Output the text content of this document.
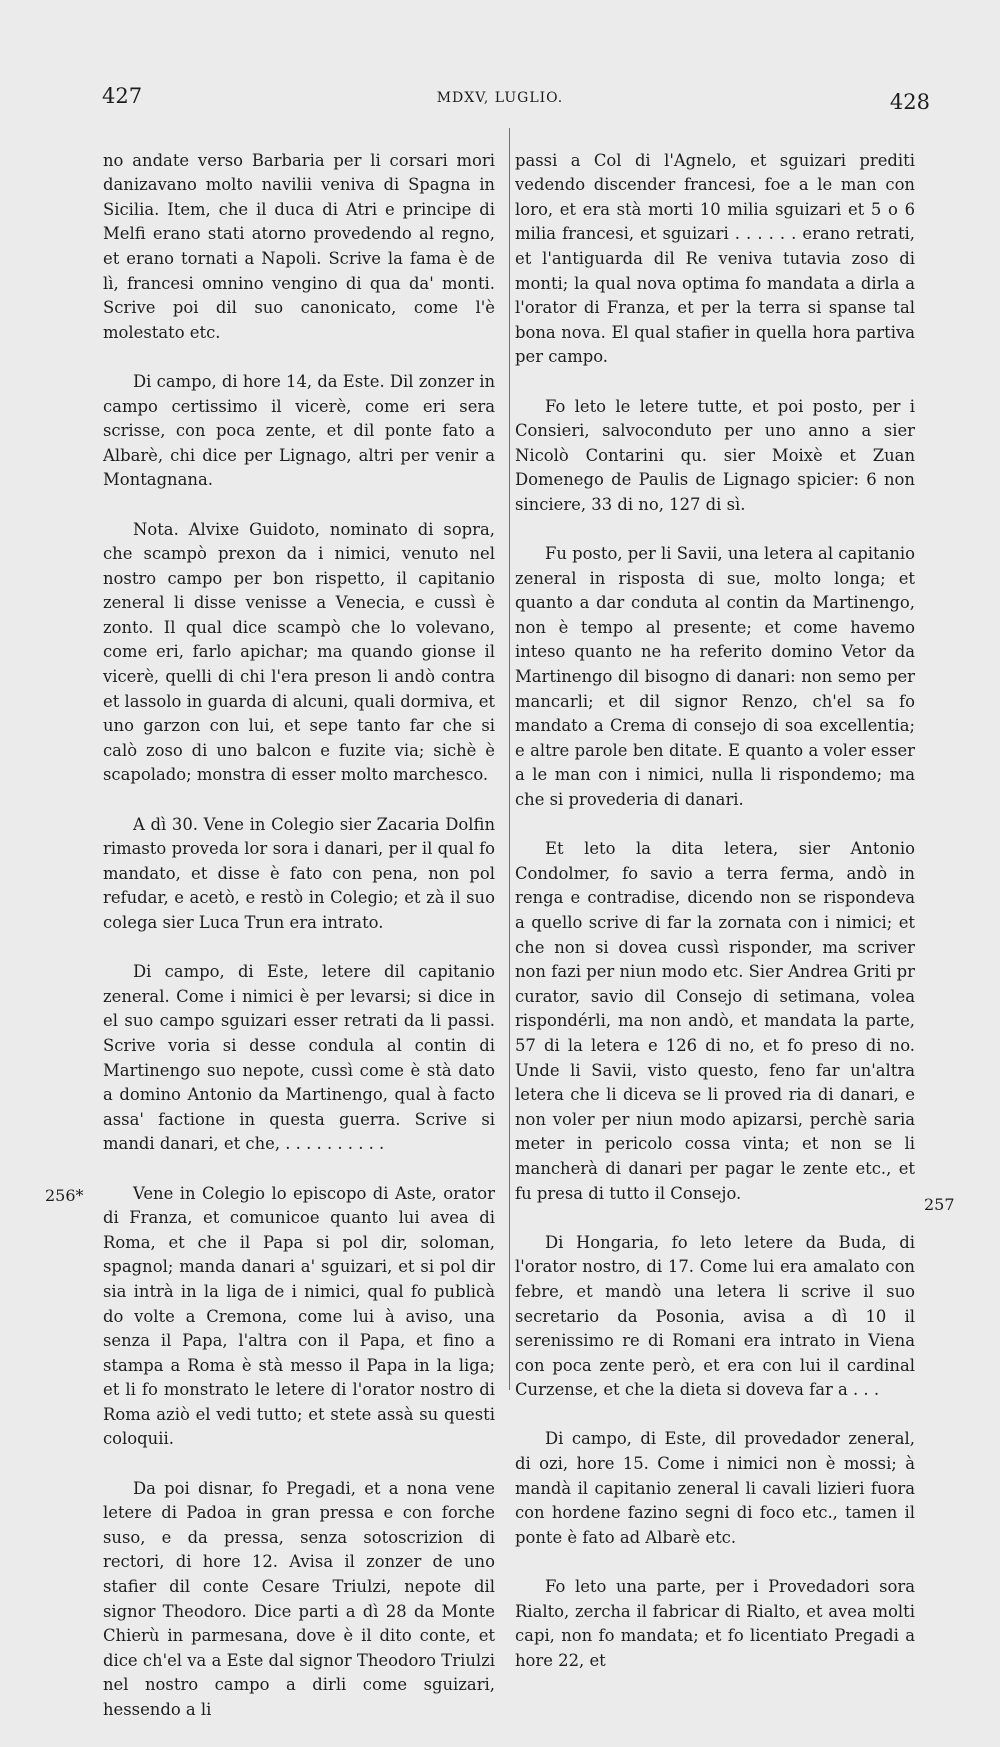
427	MDXV, LUGLIO.	428

no andate verso Barbaria per li corsari mori danizavano molto navilii veniva di Spagna in Sicilia. Item, che il duca di Atri e principe di Melfi erano stati atorno provedendo al regno, et erano tornati a Napoli. Scrive la fama è de lì, francesi omnino vengino di qua da' monti. Scrive poi dil suo canonicato, come l'è molestato etc.

Di campo, di hore 14, da Este. Dil zonzer in campo certissimo il vicerè, come eri sera scrisse, con poca zente, et dil ponte fato a Albarè, chi dice per Lignago, altri per venir a Montagnana.

Nota. Alvixe Guidoto, nominato di sopra, che scampò prexon da i nimici, venuto nel nostro campo per bon rispetto, il capitanio zeneral li disse venisse a Venecia, e cussì è zonto. Il qual dice scampò che lo volevano, come eri, farlo apichar; ma quando gionse il vicerè, quelli di chi l'era preson li andò contra et lassolo in guarda di alcuni, quali dormiva, et uno garzon con lui, et sepe tanto far che si calò zoso di uno balcon e fuzite via; sichè è scapolado; monstra di esser molto marchesco.

A dì 30. Vene in Colegio sier Zacaria Dolfin rimasto proveda lor sora i danari, per il qual fo mandato, et disse è fato con pena, non pol refudar, e acetò, e restò in Colegio; et zà il suo colega sier Luca Trun era intrato.

Di campo, di Este, letere dil capitanio zeneral. Come i nimici è per levarsi; si dice in el suo campo sguizari esser retrati da li passi. Scrive voria si desse condula al contin di Martinengo suo nepote, cussì come è stà dato a domino Antonio da Martinengo, qual à facto assa' factione in questa guerra. Scrive si mandi danari, et che, . . . . . . . . . .

Vene in Colegio lo episcopo di Aste, orator di Franza, et comunicoe quanto lui avea di Roma, et che il Papa si pol dir, soloman, spagnol; manda danari a' sguizari, et si pol dir sia intrà in la liga de i nimici, qual fo publicà do volte a Cremona, come lui à aviso, una senza il Papa, l'altra con il Papa, et fino a stampa a Roma è stà messo il Papa in la liga; et li fo monstrato le letere di l'orator nostro di Roma aziò el vedi tutto; et stete assà su questi coloquii.

Da poi disnar, fo Pregadi, et a nona vene letere di Padoa in gran pressa e con forche suso, e da pressa, senza sotoscrizion di rectori, di hore 12. Avisa il zonzer de uno stafier dil conte Cesare Triulzi, nepote dil signor Theodoro. Dice parti a dì 28 da Monte Chierù in parmesana, dove è il dito conte, et dice ch'el va a Este dal signor Theodoro Triulzi nel nostro campo a dirli come sguizari, hessendo a li

passi a Col di l'Agnelo, et sguizari prediti vedendo discender francesi, foe a le man con loro, et era stà morti 10 milia sguizari et 5 o 6 milia francesi, et sguizari . . . . . . erano retrati, et l'antiguarda dil Re veniva tutavia zoso di monti; la qual nova optima fo mandata a dirla a l'orator di Franza, et per la terra si spanse tal bona nova. El qual stafier in quella hora partiva per campo.

Fo leto le letere tutte, et poi posto, per i Consieri, salvoconduto per uno anno a sier Nicolò Contarini qu. sier Moixè et Zuan Domenego de Paulis de Lignago spicier: 6 non sinciere, 33 di no, 127 di sì.

Fu posto, per li Savii, una letera al capitanio zeneral in risposta di sue, molto longa; et quanto a dar conduta al contin da Martinengo, non è tempo al presente; et come havemo inteso quanto ne ha referito domino Vetor da Martinengo dil bisogno di danari: non semo per mancarli; et dil signor Renzo, ch'el sa fo mandato a Crema di consejo di soa excellentia; e altre parole ben ditate. E quanto a voler esser a le man con i nimici, nulla li rispondemo; ma che si provederia di danari.

Et leto la dita letera, sier Antonio Condolmer, fo savio a terra ferma, andò in renga e contradise, dicendo non se rispondeva a quello scrive di far la zornata con i nimici; et che non si dovea cussì risponder, ma scriver non fazi per niun modo etc. Sier Andrea Griti pr curator, savio dil Consejo di setimana, volea rispondérli, ma non andò, et mandata la parte, 57 di la letera e 126 di no, et fo preso di no. Unde li Savii, visto questo, feno far un'altra letera che li diceva se li proved ria di danari, e non voler per niun modo apizarsi, perchè saria meter in pericolo cossa vinta; et non se li mancherà di danari per pagar le zente etc., et fu presa di tutto il Consejo.

Di Hongaria, fo leto letere da Buda, di l'orator nostro, di 17. Come lui era amalato con febre, et mandò una letera li scrive il suo secretario da Posonia, avisa a dì 10 il serenissimo re di Romani era intrato in Viena con poca zente però, et era con lui il cardinal Curzense, et che la dieta si doveva far a . . .

Di campo, di Este, dil provedador zeneral, di ozi, hore 15. Come i nimici non è mossi; à mandà il capitanio zeneral li cavali lizieri fuora con hordene fazino segni di foco etc., tamen il ponte è fato ad Albarè etc.

Fo leto una parte, per i Provedadori sora Rialto, zercha il fabricar di Rialto, et avea molti capi, non fo mandata; et fo licentiato Pregadi a hore 22, et

256*	257
